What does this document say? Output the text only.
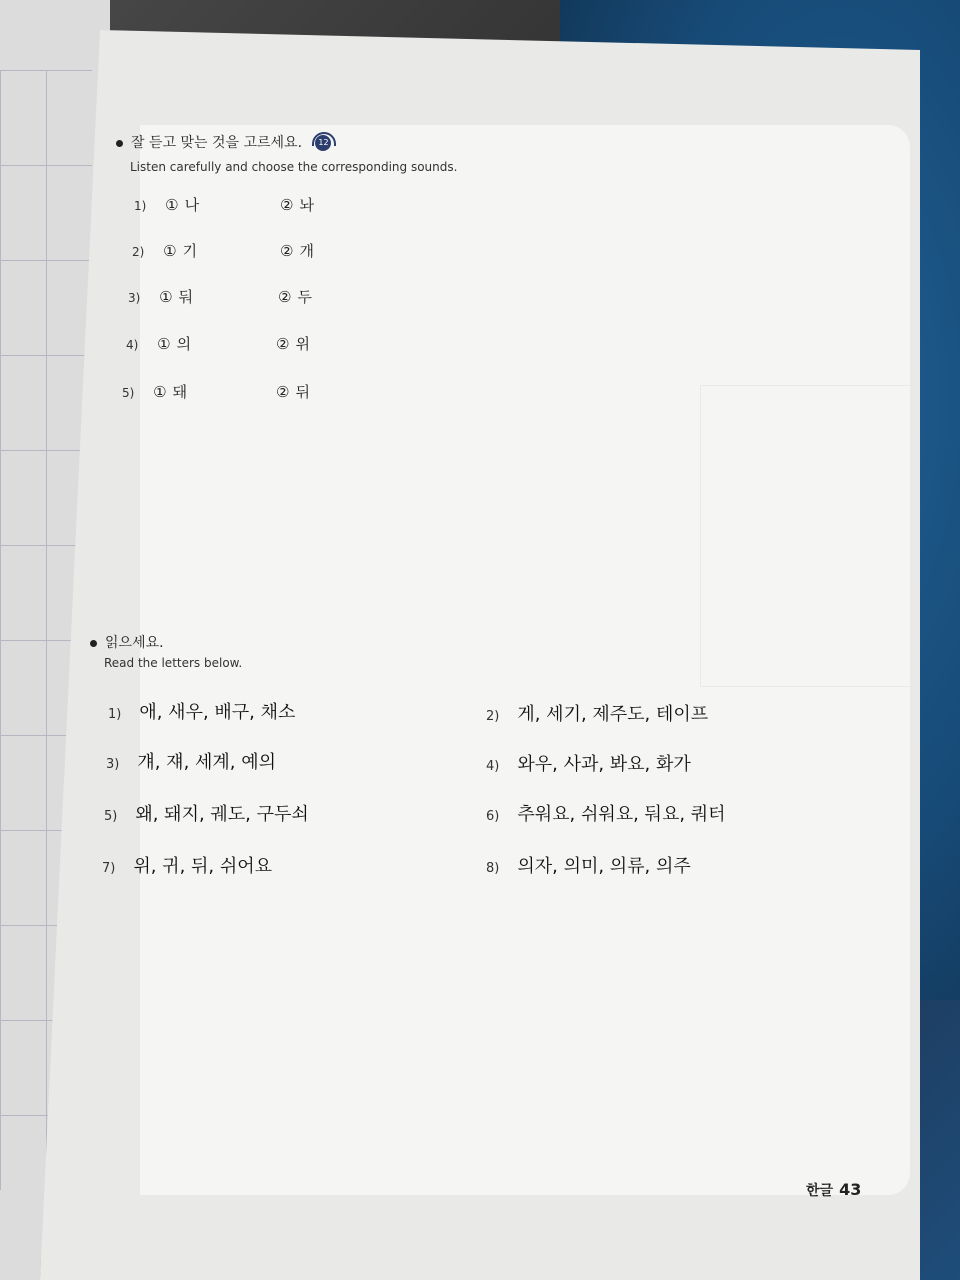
잘 듣고 맞는 것을 고르세요.	12
Listen carefully and choose the corresponding sounds.
1) ① 나	② 놔
2) ① 기	② 개
3) ① 둬	② 두
4) ① 의	② 위
5) ① 돼	② 뒤
읽으세요.
Read the letters below.
1) 애, 새우, 배구, 채소	2) 게, 세기, 제주도, 테이프
3) 걔, 쟤, 세계, 예의	4) 와우, 사과, 봐요, 화가
5) 왜, 돼지, 궤도, 구두쇠	6) 추워요, 쉬워요, 둬요, 쿼터
7) 위, 귀, 뒤, 쉬어요	8) 의자, 의미, 의류, 의주
한글 43
